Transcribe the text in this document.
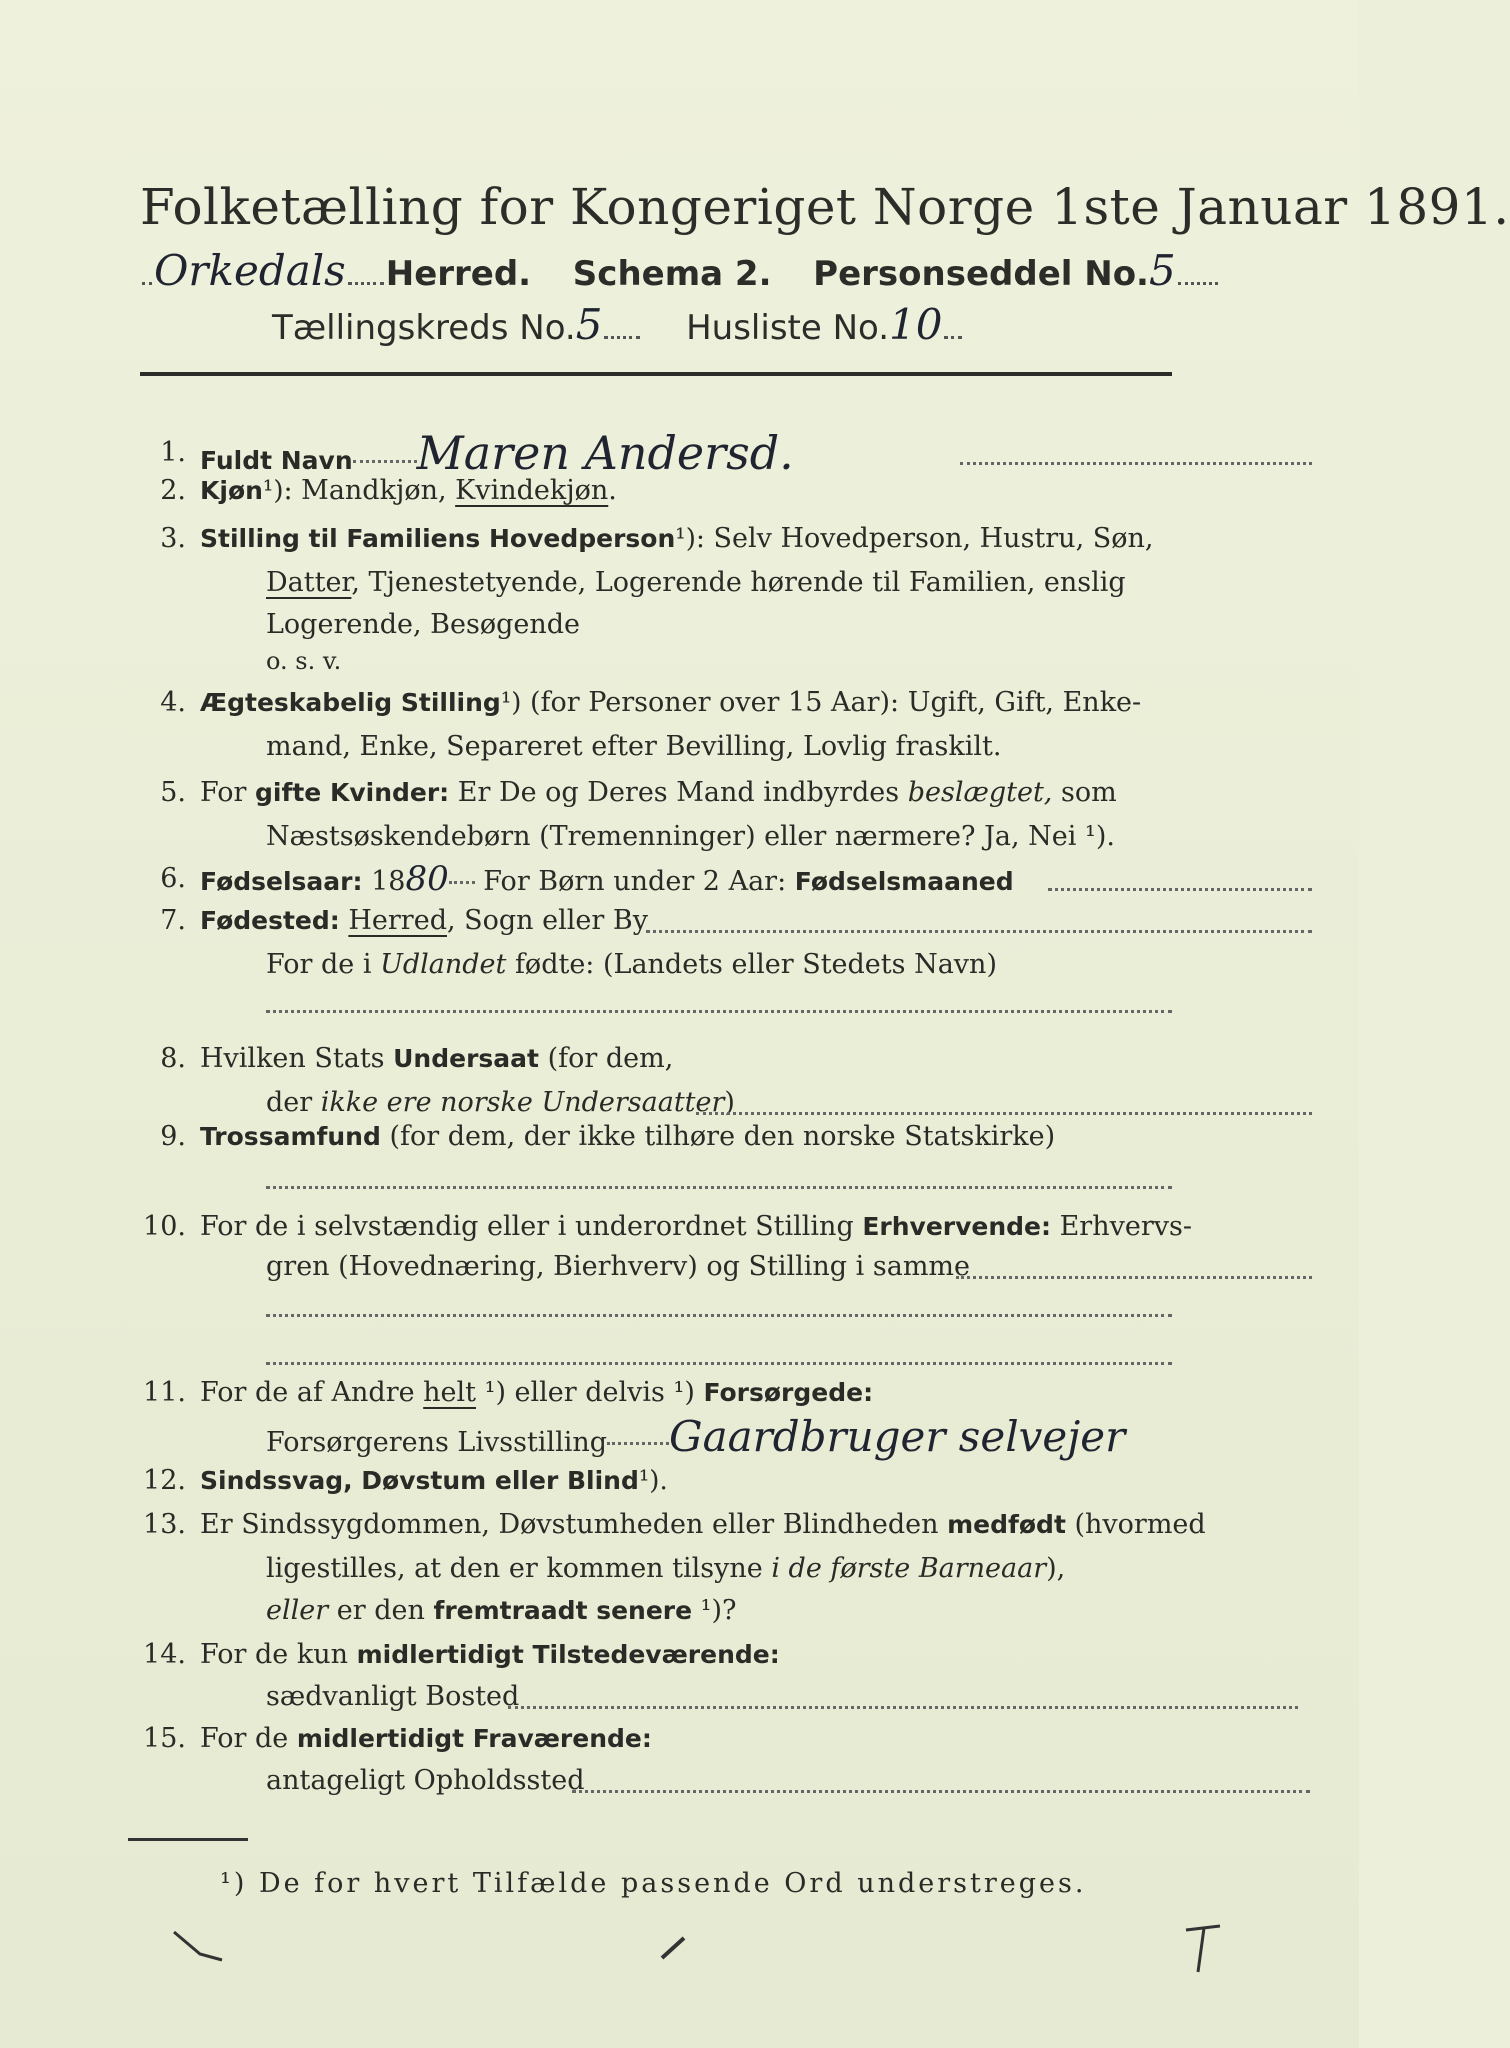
Folketælling for Kongeriget Norge 1ste Januar 1891.
Orkedals Herred. Schema 2. Personseddel No.5
Tællingskreds No.5 Husliste No.10
1. Fuldt Navn Maren Andersd.
2. Kjøn¹): Mandkjøn, Kvindekjøn.
3. Stilling til Familiens Hovedperson¹): Selv Hovedperson, Hustru, Søn,
Datter, Tjenestetyende, Logerende hørende til Familien, enslig
Logerende, Besøgende
o. s. v.
4. Ægteskabelig Stilling¹) (for Personer over 15 Aar): Ugift, Gift, Enke-
mand, Enke, Separeret efter Bevilling, Lovlig fraskilt.
5. For gifte Kvinder: Er De og Deres Mand indbyrdes beslægtet, som
Næstsøskendebørn (Tremenninger) eller nærmere? Ja, Nei ¹).
6. Fødselsaar: 1880 For Børn under 2 Aar: Fødselsmaaned
7. Fødested: Herred, Sogn eller By
For de i Udlandet fødte: (Landets eller Stedets Navn)
8. Hvilken Stats Undersaat (for dem,
der ikke ere norske Undersaatter)
9. Trossamfund (for dem, der ikke tilhøre den norske Statskirke)
10. For de i selvstændig eller i underordnet Stilling Erhvervende: Erhvervs-
gren (Hovednæring, Bierhverv) og Stilling i samme
11. For de af Andre helt ¹) eller delvis ¹) Forsørgede:
Forsørgerens Livsstilling Gaardbruger selvejer
12. Sindssvag, Døvstum eller Blind¹).
13. Er Sindssygdommen, Døvstumheden eller Blindheden medfødt (hvormed
ligestilles, at den er kommen tilsyne i de første Barneaar),
eller er den fremtraadt senere ¹)?
14. For de kun midlertidigt Tilstedeværende:
sædvanligt Bosted
15. For de midlertidigt Fraværende:
antageligt Opholdssted
¹) De for hvert Tilfælde passende Ord understreges.
